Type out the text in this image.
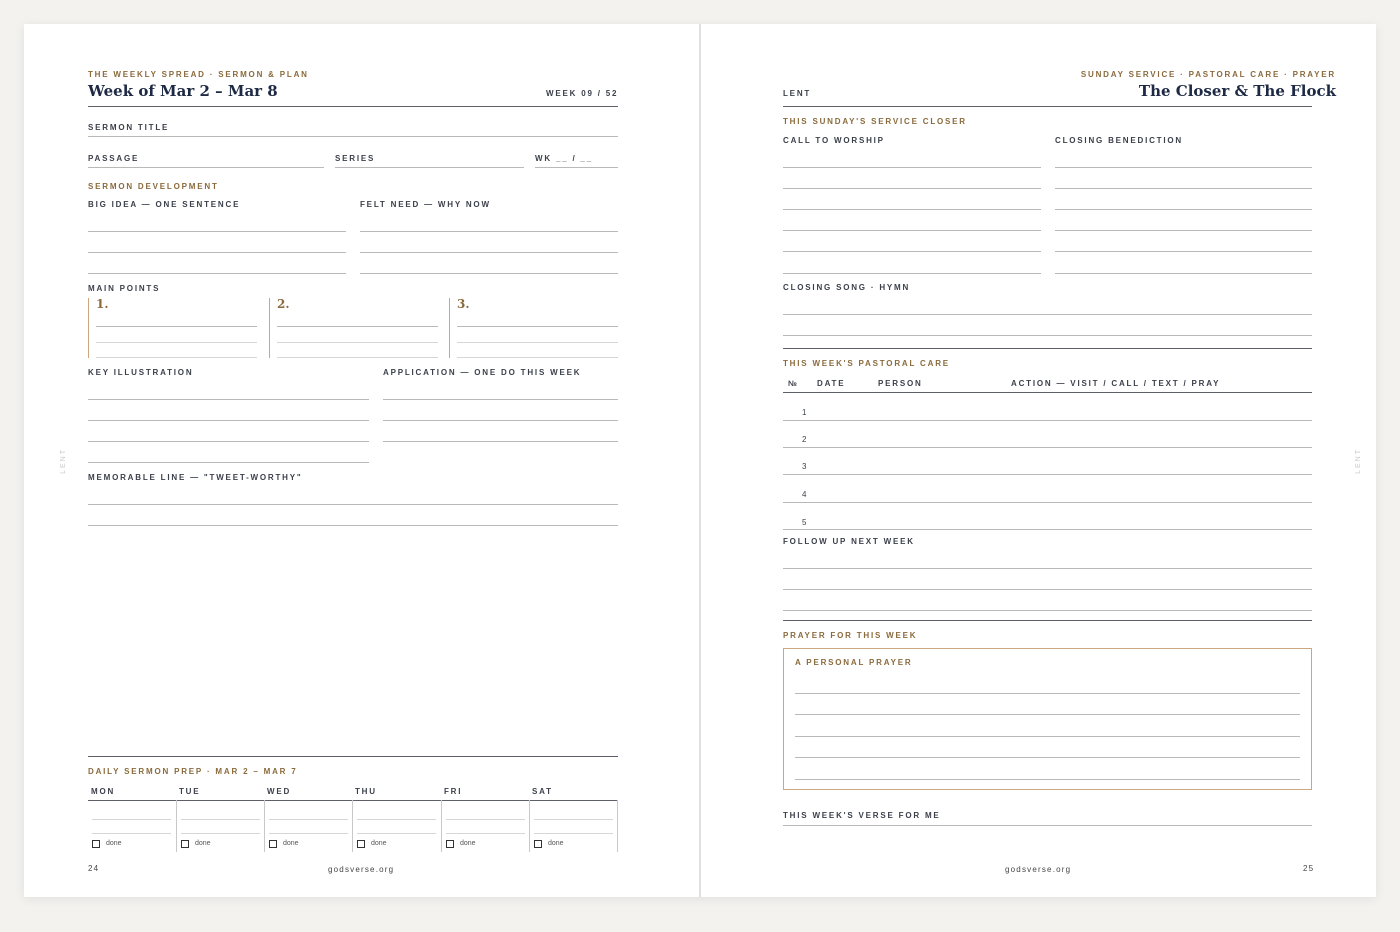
THE WEEKLY SPREAD · SERMON & PLAN
Week of Mar 2 – Mar 8	WEEK 09 / 52
SERMON TITLE
PASSAGE	SERIES	WK __ / __
SERMON DEVELOPMENT
BIG IDEA — ONE SENTENCE	FELT NEED — WHY NOW
MAIN POINTS
1.	2.	3.
KEY ILLUSTRATION	APPLICATION — ONE DO THIS WEEK
MEMORABLE LINE — "TWEET-WORTHY"
DAILY SERMON PREP · MAR 2 – MAR 7
MON	TUE	WED	THU	FRI	SAT
done	done	done	done	done	done
24	godsverse.org
LENT
SUNDAY SERVICE · PASTORAL CARE · PRAYER
LENT	The Closer & The Flock
THIS SUNDAY'S SERVICE CLOSER
CALL TO WORSHIP	CLOSING BENEDICTION
CLOSING SONG · HYMN
THIS WEEK'S PASTORAL CARE
№ DATE	PERSON	ACTION — VISIT / CALL / TEXT / PRAY
1
2
3
4
5
FOLLOW UP NEXT WEEK
PRAYER FOR THIS WEEK
A PERSONAL PRAYER
THIS WEEK'S VERSE FOR ME
godsverse.org	25
LENT
